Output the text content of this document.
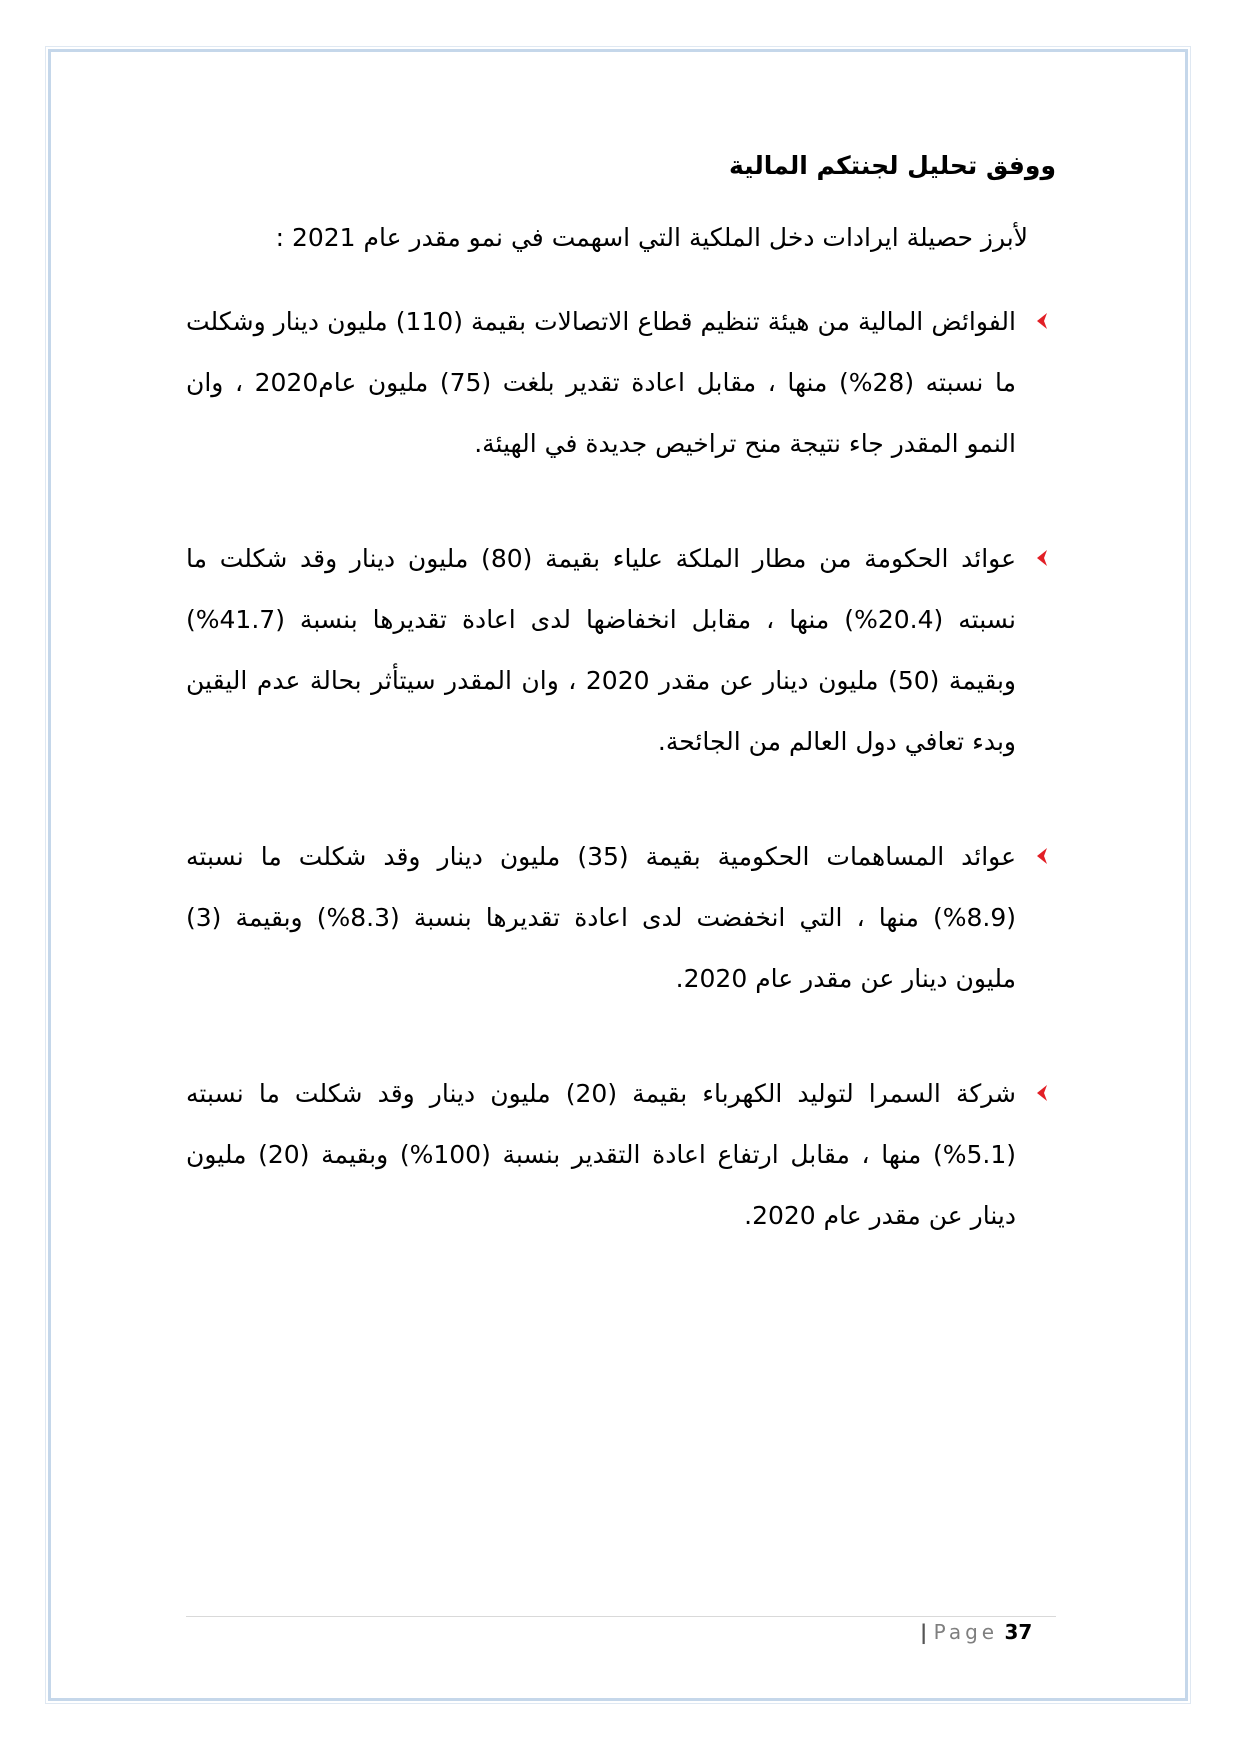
ووفق تحليل لجنتكم المالية

لأبرز حصيلة ايرادات دخل الملكية التي اسهمت في نمو مقدر عام 2021 :

الفوائض المالية من هيئة تنظيم قطاع الاتصالات بقيمة (110) مليون دينار وشكلت ما نسبته (28%) منها ، مقابل اعادة تقدير بلغت (75) مليون عام2020 ، وان النمو المقدر جاء نتيجة منح تراخيص جديدة في الهيئة.
عوائد الحكومة من مطار الملكة علياء بقيمة (80) مليون دينار وقد شكلت ما نسبته (20.4%) منها ، مقابل انخفاضها لدى اعادة تقديرها بنسبة (41.7%) وبقيمة (50) مليون دينار عن مقدر 2020 ، وان المقدر سيتأثر بحالة عدم اليقين وبدء تعافي دول العالم من الجائحة.
عوائد المساهمات الحكومية بقيمة (35) مليون دينار وقد شكلت ما نسبته (8.9%) منها ، التي انخفضت لدى اعادة تقديرها بنسبة (8.3%) وبقيمة (3) مليون دينار عن مقدر عام 2020.
شركة السمرا لتوليد الكهرباء بقيمة (20) مليون دينار وقد شكلت ما نسبته (5.1%) منها ، مقابل ارتفاع اعادة التقدير بنسبة (100%) وبقيمة (20) مليون دينار عن مقدر عام 2020.
| Page 37
